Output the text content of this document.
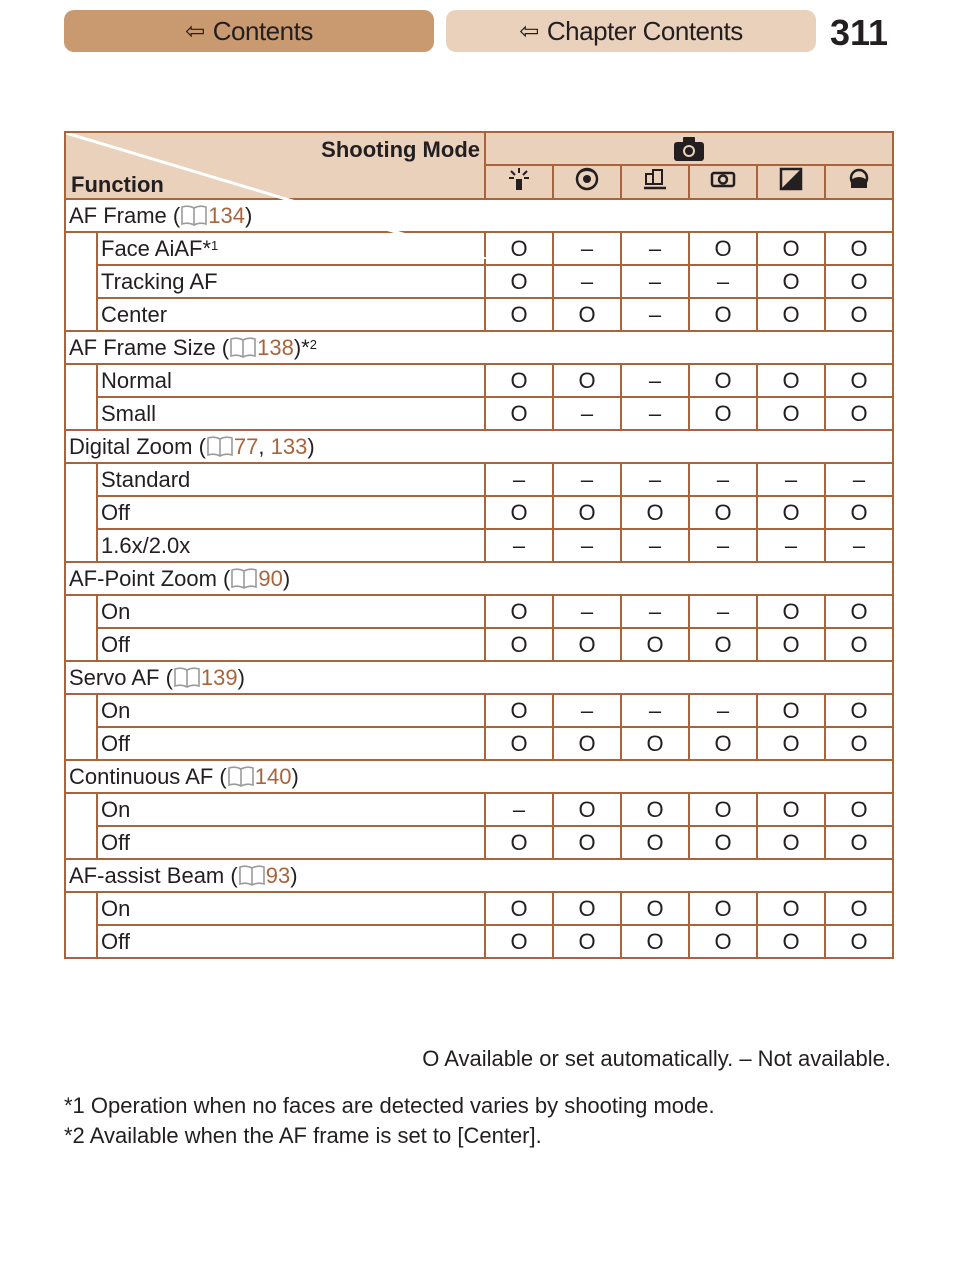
⇦ Contents	⇦ Chapter Contents 311
Shooting Mode
Function

AF Frame ( 134)							
	Face AiAF*$^1$	O	–	–	O	O	O
	Tracking AF	O	–	–	–	O	O
	Center	O	O	–	O	O	O
AF Frame Size ( 138)*$^2$
	Normal	O	O	–	O	O	O
	Small	O	–	–	O	O	O
Digital Zoom ( 77, 133)							
	Standard	–	–	–	–	–	–
	Off	O	O	O	O	O	O
	1.6x/2.0x	–	–	–	–	–	–
AF-Point Zoom ( 90)							
	On	O	–	–	–	O	O
	Off	O	O	O	O	O	O
Servo AF ( 139)							
	On	O	–	–	–	O	O
	Off	O	O	O	O	O	O
Continuous AF ( 140)							
	On	–	O	O	O	O	O
	Off	O	O	O	O	O	O
AF-assist Beam ( 93)							
	On	O	O	O	O	O	O
	Off	O	O	O	O	O	O
O Available or set automatically. – Not available.
*1 Operation when no faces are detected varies by shooting mode.
*2 Available when the AF frame is set to [Center].
